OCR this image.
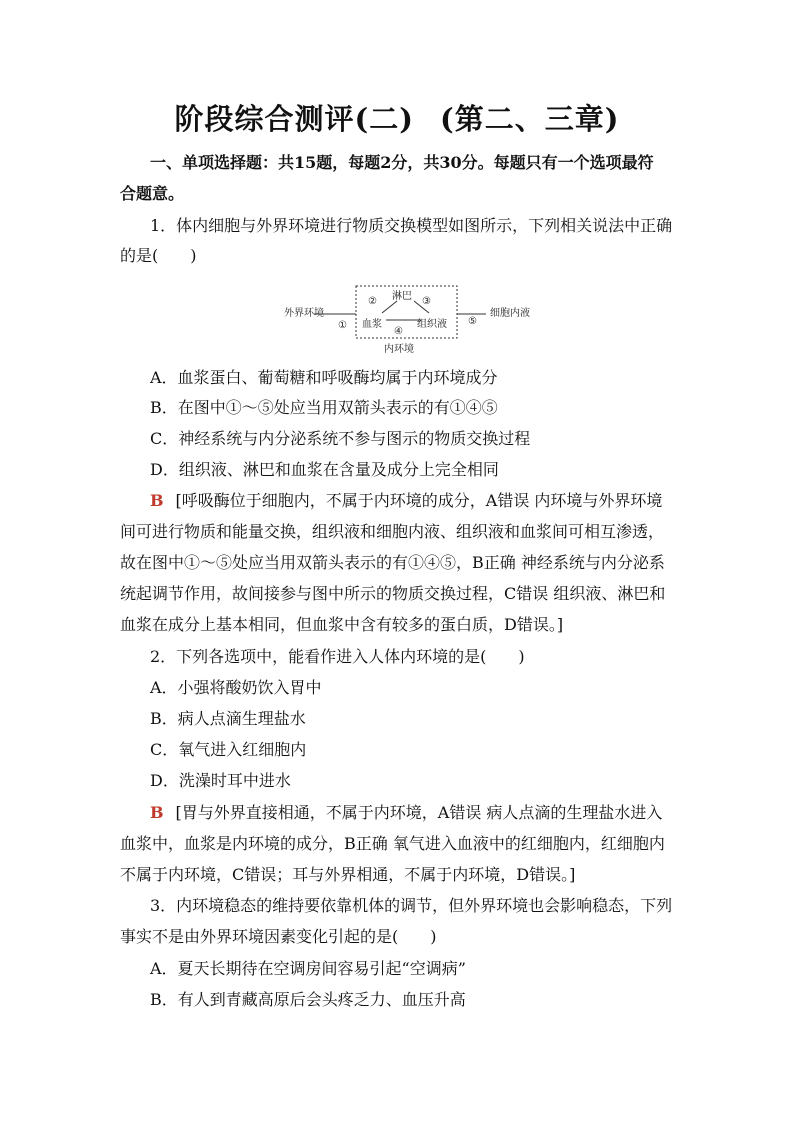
阶段综合测评(二) (第二、三章)
一、单项选择题：共15题，每题2分，共30分。每题只有一个选项最符
合题意。
1．体内细胞与外界环境进行物质交换模型如图所示，下列相关说法中正确
的是(　　)
外界环境
①
② 淋巴 ③
血浆
④
组织液 ⑤
细胞内液
内环境
A．血浆蛋白、葡萄糖和呼吸酶均属于内环境成分
B．在图中①～⑤处应当用双箭头表示的有①④⑤
C．神经系统与内分泌系统不参与图示的物质交换过程
D．组织液、淋巴和血浆在含量及成分上完全相同
B [呼吸酶位于细胞内，不属于内环境的成分，A错误 内环境与外界环境
间可进行物质和能量交换，组织液和细胞内液、组织液和血浆间可相互渗透，
故在图中①～⑤处应当用双箭头表示的有①④⑤，B正确 神经系统与内分泌系
统起调节作用，故间接参与图中所示的物质交换过程，C错误 组织液、淋巴和
血浆在成分上基本相同，但血浆中含有较多的蛋白质，D错误。]
2．下列各选项中，能看作进入人体内环境的是(　　)
A．小强将酸奶饮入胃中
B．病人点滴生理盐水
C．氧气进入红细胞内
D．洗澡时耳中进水
B [胃与外界直接相通，不属于内环境，A错误 病人点滴的生理盐水进入
血浆中，血浆是内环境的成分，B正确 氧气进入血液中的红细胞内，红细胞内
不属于内环境，C错误；耳与外界相通，不属于内环境，D错误。]
3．内环境稳态的维持要依靠机体的调节，但外界环境也会影响稳态，下列
事实不是由外界环境因素变化引起的是(　　)
A．夏天长期待在空调房间容易引起“空调病”
B．有人到青藏高原后会头疼乏力、血压升高
